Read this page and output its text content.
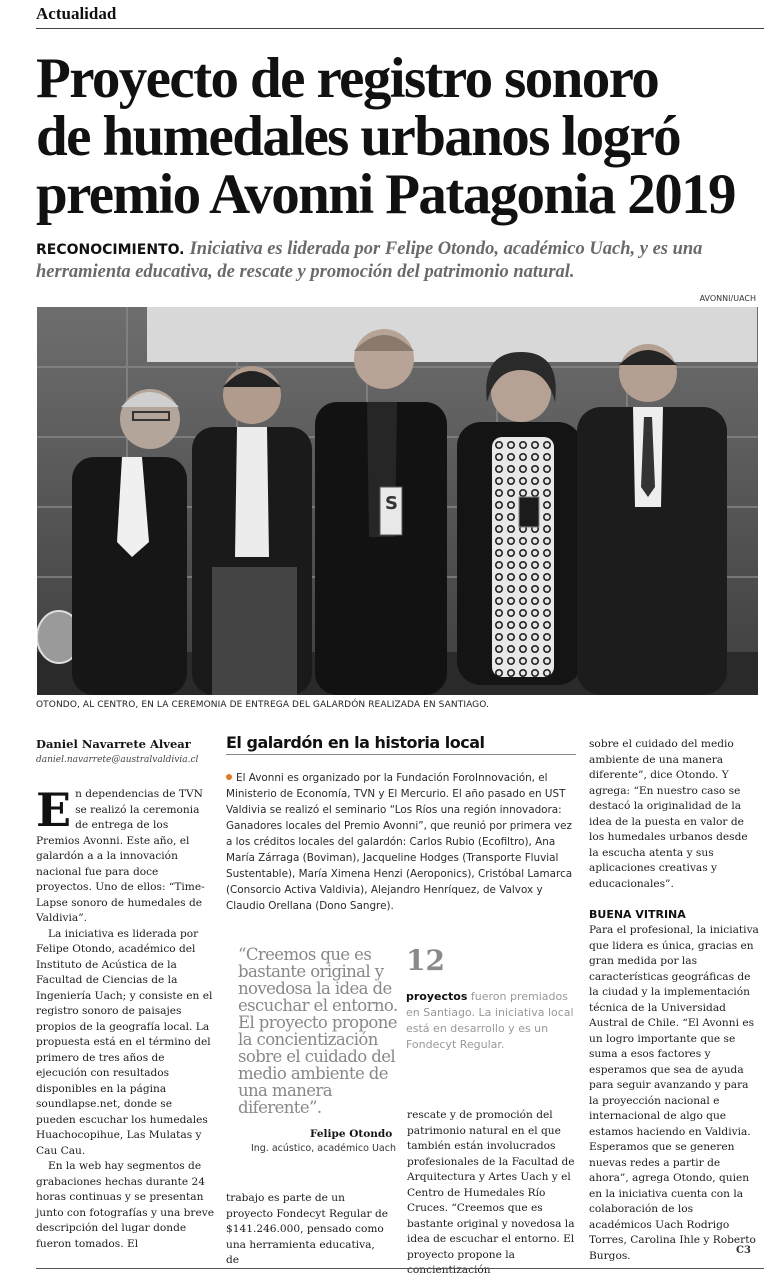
Actualidad
Proyecto de registro sonoro
de humedales urbanos logró
premio Avonni Patagonia 2019
RECONOCIMIENTO. Iniciativa es liderada por Felipe Otondo, académico Uach, y es una herramienta educativa, de rescate y promoción del patrimonio natural.
AVONNI/UACH
S
OTONDO, AL CENTRO, EN LA CEREMONIA DE ENTREGA DEL GALARDÓN REALIZADA EN SANTIAGO.
Daniel Navarrete Alvear
daniel.navarrete@australvaldivia.cl

En dependencias de TVN se realizó la ceremonia de entrega de los Premios Avonni. Este año, el galardón a a la innovación nacional fue para doce proyectos. Uno de ellos: “Time-Lapse sonoro de humedales de Valdivia”.

La iniciativa es liderada por Felipe Otondo, académico del Instituto de Acústica de la Facultad de Ciencias de la Ingeniería Uach; y consiste en el registro sonoro de paisajes propios de la geografía local. La propuesta está en el término del primero de tres años de ejecución con resultados disponibles en la página soundlapse.net, donde se pueden escuchar los humedales Huachocopihue, Las Mulatas y Cau Cau.

En la web hay segmentos de grabaciones hechas durante 24 horas continuas y se presentan junto con fotografías y una breve descripción del lugar donde fueron tomados. El

El galardón en la historia local
El Avonni es organizado por la Fundación ForoInnovación, el Ministerio de Economía, TVN y El Mercurio. El año pasado en UST Valdivia se realizó el seminario “Los Ríos una región innovadora: Ganadores locales del Premio Avonni”, que reunió por primera vez a los créditos locales del galardón: Carlos Rubio (Ecofiltro), Ana María Zárraga (Boviman), Jacqueline Hodges (Transporte Fluvial Sustentable), María Ximena Henzi (Aeroponics), Cristóbal Lamarca (Consorcio Activa Valdivia), Alejandro Henríquez, de Valvox y Claudio Orellana (Dono Sangre).
“Creemos que es bastante original y novedosa la idea de escuchar el entorno. El proyecto propone la concientización sobre el cuidado del medio ambiente de una manera diferente”.
Felipe Otondo
Ing. acústico, académico Uach
12
proyectos fueron premiados en Santiago. La iniciativa local está en desarrollo y es un Fondecyt Regular.

trabajo es parte de un proyecto Fondecyt Regular de $141.246.000, pensado como una herramienta educativa, de

rescate y de promoción del patrimonio natural en el que también están involucrados profesionales de la Facultad de Arquitectura y Artes Uach y el Centro de Humedales Río Cruces. “Creemos que es bastante original y novedosa la idea de escuchar el entorno. El proyecto propone la concientización

sobre el cuidado del medio ambiente de una manera diferente”, dice Otondo. Y agrega: “En nuestro caso se destacó la originalidad de la idea de la puesta en valor de los humedales urbanos desde la escucha atenta y sus aplicaciones creativas y educacionales”.

BUENA VITRINA

Para el profesional, la iniciativa que lidera es única, gracias en gran medida por las características geográficas de la ciudad y la implementación técnica de la Universidad Austral de Chile. “El Avonni es un logro importante que se suma a esos factores y esperamos que sea de ayuda para seguir avanzando y para la proyección nacional e internacional de algo que estamos haciendo en Valdivia. Esperamos que se generen nuevas redes a partir de ahora”, agrega Otondo, quien en la iniciativa cuenta con la colaboración de los académicos Uach Rodrigo Torres, Carolina Ihle y Roberto Burgos.	C3
